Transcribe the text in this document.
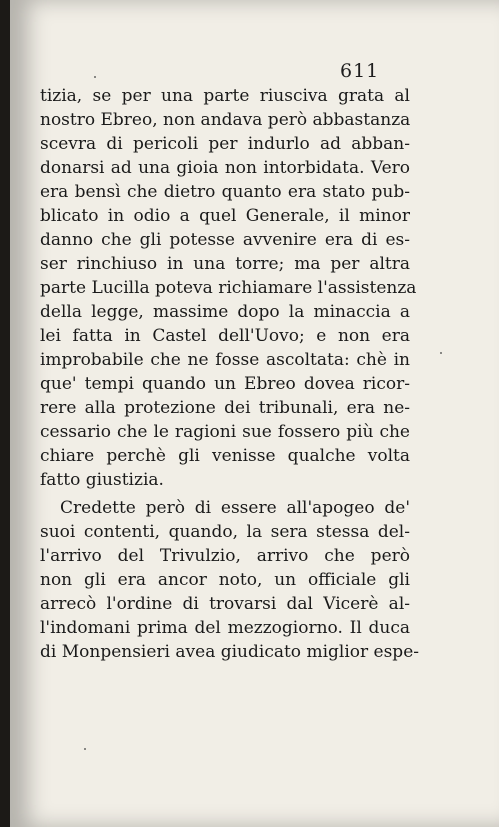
611
tizia, se per una parte riusciva grata al
nostro Ebreo, non andava però abbastanza
scevra di pericoli per indurlo ad abban-
donarsi ad una gioia non intorbidata. Vero
era bensì che dietro quanto era stato pub-
blicato in odio a quel Generale, il minor
danno che gli potesse avvenire era di es-
ser rinchiuso in una torre; ma per altra
parte Lucilla poteva richiamare l'assistenza
della legge, massime dopo la minaccia a
lei fatta in Castel dell'Uovo; e non era
improbabile che ne fosse ascoltata: chè in
que' tempi quando un Ebreo dovea ricor-
rere alla protezione dei tribunali, era ne-
cessario che le ragioni sue fossero più che
chiare perchè gli venisse qualche volta
fatto giustizia.
Credette però di essere all'apogeo de'
suoi contenti, quando, la sera stessa del-
l'arrivo del Trivulzio, arrivo che però
non gli era ancor noto, un officiale gli
arrecò l'ordine di trovarsi dal Vicerè al-
l'indomani prima del mezzogiorno. Il duca
di Monpensieri avea giudicato miglior espe-
